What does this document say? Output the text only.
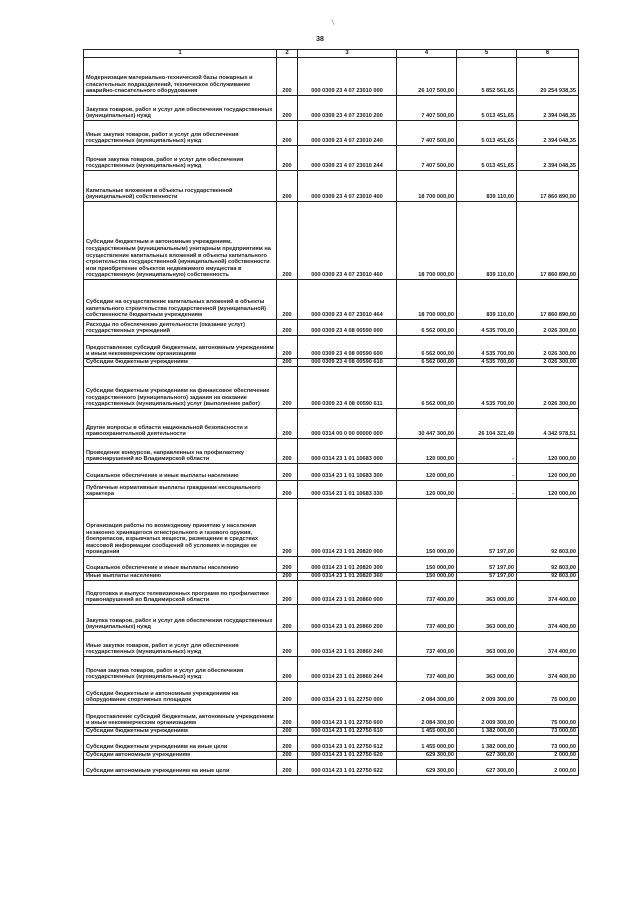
/
38
1	2	3	4	5	6
Модернизация материально-технической базы пожарных и спасательных подразделений, техническое обслуживание аварийно-спасательного оборудования	200	000 0309 23 4 07 23010 000	26 107 500,00	5 852 561,65	20 254 938,35
Закупка товаров, работ и услуг для обеспечения государственных (муниципальных) нужд	200	000 0309 23 4 07 23010 200	7 407 500,00	5 013 451,65	2 394 048,35
Иные закупки товаров, работ и услуг для обеспечения государственных (муниципальных) нужд	200	000 0309 23 4 07 23010 240	7 407 500,00	5 013 451,65	2 394 048,35
Прочая закупка товаров, работ и услуг для обеспечения государственных (муниципальных) нужд	200	000 0309 23 4 07 23010 244	7 407 500,00	5 013 451,65	2 394 048,35
Капитальные вложения в объекты государственной (муниципальной) собственности	200	000 0309 23 4 07 23010 400	18 700 000,00	839 110,00	17 860 890,00
Субсидии бюджетным и автономным учреждениям, государственным (муниципальным) унитарным предприятиям на осуществление капитальных вложений в объекты капитального строительства государственной (муниципальной) собственности или приобретение объектов недвижимого имущества в государственную (муниципальную) собственность	200	000 0309 23 4 07 23010 460	18 700 000,00	839 110,00	17 860 890,00
Субсидии на осуществление капитальных вложений в объекты капитального строительства государственной (муниципальной) собственности бюджетным учреждениям	200	000 0309 23 4 07 23010 464	18 700 000,00	839 110,00	17 860 890,00
Расходы по обеспечению деятельности (оказание услуг) государственных учреждений	200	000 0309 23 4 08 00590 000	6 562 000,00	4 535 700,00	2 026 300,00
Предоставление субсидий бюджетным, автономным учреждениям и иным некоммерческим организациям	200	000 0309 23 4 08 00590 600	6 562 000,00	4 535 700,00	2 026 300,00
Субсидии бюджетным учреждениям	200	000 0309 23 4 08 00590 610	6 562 000,00	4 535 700,00	2 026 300,00
Субсидии бюджетным учреждениям на финансовое обеспечение государственного (муниципального) задания на оказание государственных (муниципальных) услуг (выполнение работ)	200	000 0309 23 4 08 00590 611	6 562 000,00	4 535 700,00	2 026 300,00
Другие вопросы в области национальной безопасности и правоохранительной деятельности	200	000 0314 00 0 00 00000 000	30 447 300,00	26 104 321,49	4 342 978,51
Проведение конкурсов, направленных на профилактику правонарушений во Владимирской области	200	000 0314 23 1 01 10683 000	120 000,00	-	120 000,00
Социальное обеспечение и иные выплаты населению	200	000 0314 23 1 01 10683 300	120 000,00	-	120 000,00
Публичные нормативные выплаты гражданам несоциального характера	200	000 0314 23 1 01 10683 330	120 000,00	-	120 000,00
Организация работы по возмездному принятию у населения незаконно хранящегося огнестрельного и газового оружия, боеприпасов, взрывчатых веществ, размещение в средствах массовой информации сообщений об условиях и порядке ее проведения	200	000 0314 23 1 01 20820 000	150 000,00	57 197,00	92 803,00
Социальное обеспечение и иные выплаты населению	200	000 0314 23 1 01 20820 300	150 000,00	57 197,00	92 803,00
Иные выплаты населению	200	000 0314 23 1 01 20820 360	150 000,00	57 197,00	92 803,00
Подготовка и выпуск телевизионных программ по профилактике правонарушений во Владимирской области	200	000 0314 23 1 01 20860 000	737 400,00	363 000,00	374 400,00
Закупка товаров, работ и услуг для обеспечения государственных (муниципальных) нужд	200	000 0314 23 1 01 20860 200	737 400,00	363 000,00	374 400,00
Иные закупки товаров, работ и услуг для обеспечения государственных (муниципальных) нужд	200	000 0314 23 1 01 20860 240	737 400,00	363 000,00	374 400,00
Прочая закупка товаров, работ и услуг для обеспечения государственных (муниципальных) нужд	200	000 0314 23 1 01 20860 244	737 400,00	363 000,00	374 400,00
Субсидии бюджетным и автономным учреждениям на оборудование спортивных площадок	200	000 0314 23 1 01 22750 000	2 084 300,00	2 009 300,00	75 000,00
Предоставление субсидий бюджетным, автономным учреждениям и иным некоммерческим организациям	200	000 0314 23 1 01 22750 600	2 084 300,00	2 009 300,00	75 000,00
Субсидии бюджетным учреждениям	200	000 0314 23 1 01 22750 610	1 455 000,00	1 382 000,00	73 000,00
Субсидии бюджетным учреждениям на иные цели	200	000 0314 23 1 01 22750 612	1 455 000,00	1 382 000,00	73 000,00
Субсидии автономным учреждениям	200	000 0314 23 1 01 22750 620	629 300,00	627 300,00	2 000,00
Субсидии автономным учреждениям на иные цели	200	000 0314 23 1 01 22750 622	629 300,00	627 300,00	2 000,00
